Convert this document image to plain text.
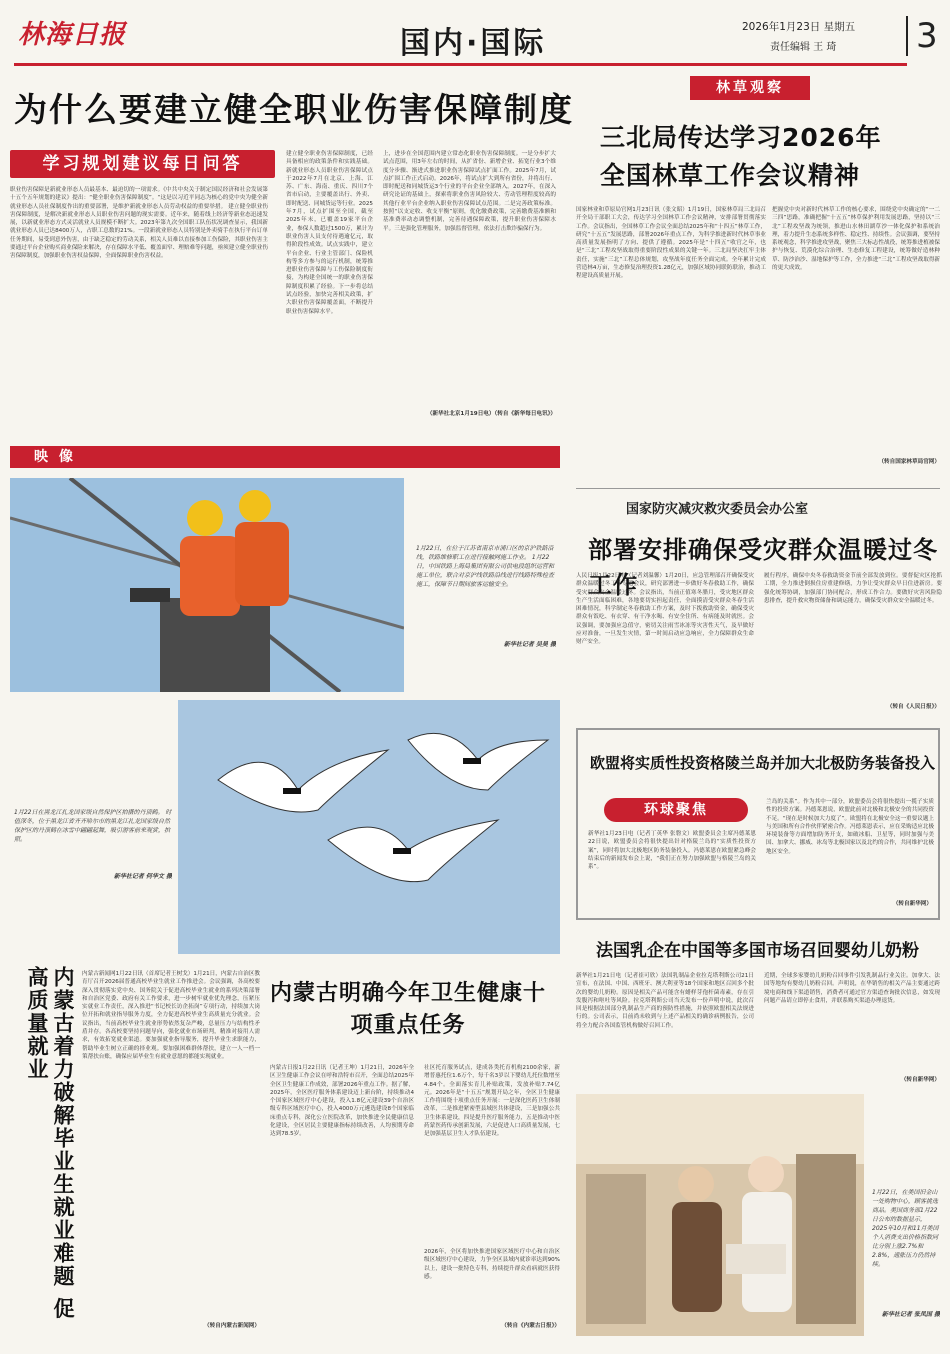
林海日报	国内·国际	2026年1月23日 星期五
责任编辑 王 琦 3
为什么要建立健全职业伤害保障制度
学习规划建议每日问答
职业伤害保障是新就业形态人员最基本、最迫切的一项需求。《中共中央关于制定国民经济和社会发展第十五个五年规划的建议》提出：“健全职业伤害保障制度”。“这是以习近平同志为核心的党中央为健全新就业形态人员社保制度作出的重要部署，是维护新就业形态人员劳动权益的重要举措。 建立健全职业伤害保障制度，是解决新就业形态人员职业伤害问题的现实需要。近年来，随着线上经济等新业态迅速发展，以新就业形态方式灵活就业人员规模不断扩大。2023年第九次全国职工队伍状况调查显示，我国新就业形态人员已达8400万人，占职工总数的21%。一段新就业形态人员特别是外卖骑手在执行平台订单任务期间，易受到意外伤害，由于缺乏稳定的劳动关系，相关人员难以直接参加工伤保险，其职业伤害主要通过平台企业购买商业保险来解决，存在保障水平低、覆盖面窄、理赔难等问题，亟须建立健全职业伤害保障制度，加强职业伤害权益保障，全面保障职业伤害权益。
建立健全职业伤害保障制度，已经具备相应的政策条件和实践基础。新就业形态人员职业伤害保障试点于2022年7月在北京、上海、江苏、广东、海南、重庆、四川7个省市启动，主要覆盖出行、外卖、即时配送、同城货运等行业。2025年7月，试点扩围至全国，截至2025年末，已覆盖19家平台企业，参保人数超过1500万，累计为职业伤害人员支付待遇逾亿元，取得阶段性成效。试点实践中，建立平台企业、行业主管部门、保险机构等多方参与的运行机制，统筹推进职业伤害保障与工伤保险制度衔接，为构建全国统一的职业伤害保障制度积累了经验。下一步将总结试点经验，加快完善相关政策，扩大职业伤害保障覆盖面，不断提升职业伤害保障水平。
上，进步在全国范围内建立常态化职业伤害保障制度。一是分步扩大试点范围，用3年左右的时间，从扩省份、新增企业、拓宽行业3个维度分步骤、渐进式推进职业伤害保障试点扩面工作。2025年7月，试点扩围工作正式启动。2026年，将试点扩大到所有省份，并将出行、即时配送和同城货运3个行业的平台企业全部纳入。2027年，在深入研究论证的基础上，探索将职业伤害风险较大、劳动管理程度较高的其他行业平台企业纳入职业伤害保障试点范围。二是完善政策标准。按照“以支定收、收支平衡”原则，优化缴费政策，完善缴费基准额和基准费率动态调整机制，完善待遇保障政策，提升职业伤害保障水平。三是强化管理服务，加强监督管理，依法打击欺诈骗保行为。
（新华社北京1月19日电）（转自《新华每日电讯》）
林草观察
三北局传达学习2026年
全国林草工作会议精神
国家林业和草原局官网1月23日讯（张文昭）1月19日，国家林草局三北局召开全局干部职工大会，传达学习全国林草工作会议精神，安排部署贯彻落实工作。会议指出，全国林草工作会议全面总结2025年和“十四五”林草工作，研究“十五五”发展思路，部署2026年重点工作，为科学推进新时代林草事业高质量发展指明了方向、提供了遵循。2025年是“十四五”收官之年，也是“三北”工程攻坚战取得重要阶段性成果的关键一年。三北局坚决扛牢主体责任，实施“三北”工程总体规划，攻坚战年度任务全面完成。全年累计完成营造林4万亩，生态修复治理投资1.28亿元，加强区域协同联防联治，推动工程建设高质量开展。
把握党中央对新时代林草工作的核心要求，围绕党中央确定的“一二三四”思路，准确把握“十五五”林草保护利用发展思路，坚持以“三北”工程攻坚战为统领，推进山水林田湖草沙一体化保护和系统治理，着力提升生态系统多样性、稳定性、持续性。会议强调，要坚持系统观念，科学推进攻坚战，聚焦三大标志性战役，统筹推进植被保护与恢复、荒漠化综合治理、生态修复工程建设，统筹做好造林种草、防沙治沙、湿地保护等工作，全力推进“三北”工程攻坚战取得新的更大成效。
（转自国家林草局官网）
映 像
1月22日，在位于江苏省南京市浦口区的京沪铁路沿线，铁路维修职工在进行接触网施工作业。 1月22日，中国铁路上海局集团有限公司供电段组织运营和施工单位，联合对京沪线铁路沿线进行线路特殊检查施工，保障节日期间旅客运输安全。
新华社记者 吴昊 摄
1月22日在黑龙江扎龙国家级自然保护区拍摄的丹顶鹤。 时值深冬，位于黑龙江省齐齐哈尔市的黑龙江扎龙国家级自然保护区的丹顶鹤在冰雪中翩翩起舞，吸引游客前来观赏，拍照。
新华社记者 何华文 摄
国家防灾减灾救灾委员会办公室
部署安排确保受灾群众温暖过冬工作
人民日报1月22日电（记者刘温馨）1月20日，应急管理部召开确保受灾群众温暖过冬工作专题会议，研究部署进一步做好冬春救助工作，确保受灾群众安全温暖过冬。会议指出，当前正值寒冬腊月，受灾地区群众生产生活面临困难，各地要切实担起责任，全面摸清受灾群众冬春生活困难情况，科学制定冬春救助工作方案，及时下拨救助资金，确保受灾群众有饭吃、有衣穿、有干净水喝、有安全住所、有病能及时就医。会议强调，要加强应急值守，密切关注雨雪冰冻等灾害性天气，及早做好应对准备，一旦发生灾情，第一时间启动应急响应，全力保障群众生命财产安全。
履行程序，确保中央冬春救助资金节前全部发放到位。要督促灾区抢抓工期，全力推进倒损住房重建修缮，力争让受灾群众早日住进新房。要强化统筹协调，加强部门协同配合，形成工作合力。要做好灾害风险隐患排查，提升救灾物资储备和调运能力，确保受灾群众安全温暖过冬。
（转自《人民日报》）
欧盟将实质性投资格陵兰岛并加大北极防务装备投入
环球聚焦
新华社1月23日电（记者丁英华 张磐文）欧盟委员会主席冯德莱恩22日说，欧盟委员会将很快提出针对格陵兰岛的“实质性投资方案”，同时将加大北极地区防务装备投入。冯德莱恩在欧盟紧急峰会结束后的新闻发布会上说，“我们正在努力加强欧盟与格陵兰岛的关系”。
兰岛的关系”。作为其中一部分，欧盟委员会将很快提出一揽子实质性的投资方案。冯德莱恩说，欧盟此前对北极和北极安全的共同投资不足。“现在是时候加大力度了”。欧盟将在北极安全这一重要议题上与美国和所有合作伙伴紧密合作。冯德莱恩表示，应在采购适应北极环境装备等方面增加防务开支，如破冰船、卫星等，同时加强与美国、加拿大、挪威、冰岛等北极国家以及北约的合作，共同维护北极地区安全。
（转自新华网）
内蒙古着力破解毕业生就业难题 促高质量就业	内蒙古新闻网1月22日讯（首席记者王树戈）1月21日，内蒙古自治区教育厅召开2026届普通高校毕业生就业工作推进会。会议强调，各高校要深入贯彻落实党中央、国务院关于促进高校毕业生就业的系列决策部署和自治区党委、政府有关工作要求，进一步树牢就业优先理念，压紧压实就业工作责任，深入推进“书记校长访企拓岗”专项行动，持续加大岗位开拓和就业指导服务力度，全力促进高校毕业生高质量充分就业。会议指出，当前高校毕业生就业形势依然复杂严峻，总量压力与结构性矛盾并存。各高校要坚持问题导向，强化就业市场研判，精准对接用人需求，有效拓宽就业渠道。要加强就业指导服务，提升毕业生求职能力，帮助毕业生树立正确的择业观。要加强困难群体帮扶，建立一人一档一策帮扶台账，确保应届毕业生有就业意愿的都能实现就业。
（转自内蒙古新闻网）
内蒙古明确今年卫生健康十项重点任务
内蒙古日报1月22日讯（记者王坤）1月21日，2026年全区卫生健康工作会议在呼和浩特市召开，全面总结2025年全区卫生健康工作成效，部署2026年重点工作。据了解，2025年，全区医疗服务体系建设迈上新台阶，持续推动4个国家区域医疗中心建设，投入1.8亿元建设39个自治区级专科区域医疗中心，投入4000万元遴选建设8个国家临床重点专科，深化公立医院改革，加快推进全民健康信息化建设，全区居民主要健康指标持续改善，人均预期寿命达到78.5岁。
社区托育服务试点，建成各类托育机构2100余家，新增普惠托位1.6万个，每千名3岁以下婴幼儿托位数增至4.84个。全面落实育儿补贴政策，发放补贴7.74亿元。2026年是“十五五”规划开局之年，全区卫生健康工作将围绕十项重点任务开展：一是深化医药卫生体制改革，二是推进紧密型县域医共体建设，三是加强公共卫生体系建设，四是提升医疗服务能力，五是推动中医药蒙医药传承创新发展，六是促进人口高质量发展，七是加强基层卫生人才队伍建设。
2026年，全区将加快推进国家区域医疗中心和自治区级区域医疗中心建设，力争全区县域内就诊率达到90%以上，建设一批特色专科，持续提升群众看病就医获得感。
（转自《内蒙古日报》）
法国乳企在中国等多国市场召回婴幼儿奶粉
新华社1月21日电（记者崔可欣）法国乳制品企业拉克塔利斯公司21日宣布，在法国、中国、西班牙、澳大利亚等18个国家和地区召回多个批次的婴幼儿奶粉。原因是相关产品可能含有蜡样芽孢杆菌毒素，存在引发腹泻和呕吐等风险。拉克塔利斯公司当天发布一份声明中说，此次召回是根据法国部分乳制品生产商的预防性措施，并依照欧盟相关法规进行的。公司表示，目前尚未收到与上述产品相关的确诊病例报告，公司将全力配合各国监管机构做好召回工作。
近期，全球多家婴幼儿奶粉召回事件引发乳制品行业关注。加拿大、法国等地均有婴幼儿奶粉召回。声明说，在华销售的相关产品主要通过跨境电商和线下渠道销售，消费者可通过官方渠道查询批次信息，如发现问题产品请立即停止食用，并联系购买渠道办理退货。
（转自新华网）
1月22日，在美国旧金山一处购物中心，顾客挑选商品。美国商务部1月22日公布的数据显示，2025年10月和11月美国个人消费支出价格指数同比分别上涨2.7%和2.8%，通胀压力仍然持续。
新华社记者 张凤国 摄
